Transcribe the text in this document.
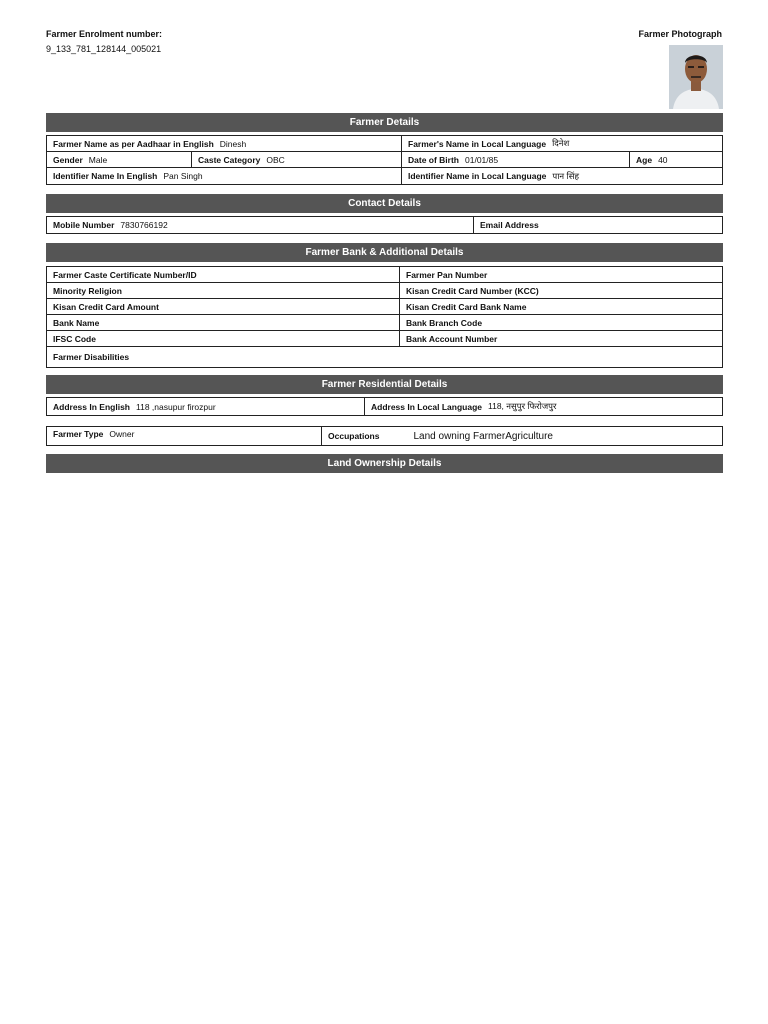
Farmer Enrolment number:
9_133_781_128144_005021
Farmer Photograph
Farmer Details
Farmer Name as per Aadhaar in English Dinesh	Farmer's Name in Local Language दिनेश
Gender Male	Caste Category OBC	Date of Birth 01/01/85	Age 40
Identifier Name In English Pan Singh	Identifier Name in Local Language पान सिंह
Contact Details
Mobile Number 7830766192	Email Address
Farmer Bank & Additional Details
Farmer Caste Certificate Number/ID	Farmer Pan Number
Minority Religion	Kisan Credit Card Number (KCC)
Kisan Credit Card Amount	Kisan Credit Card Bank Name
Bank Name	Bank Branch Code
IFSC Code	Bank Account Number
Farmer Disabilities
Farmer Residential Details
Address In English 118 ,nasupur firozpur	Address In Local Language 118, नसुपुर फिरोजपुर
Farmer Type Owner	Occupations	Land owning FarmerAgriculture
Land Ownership Details
